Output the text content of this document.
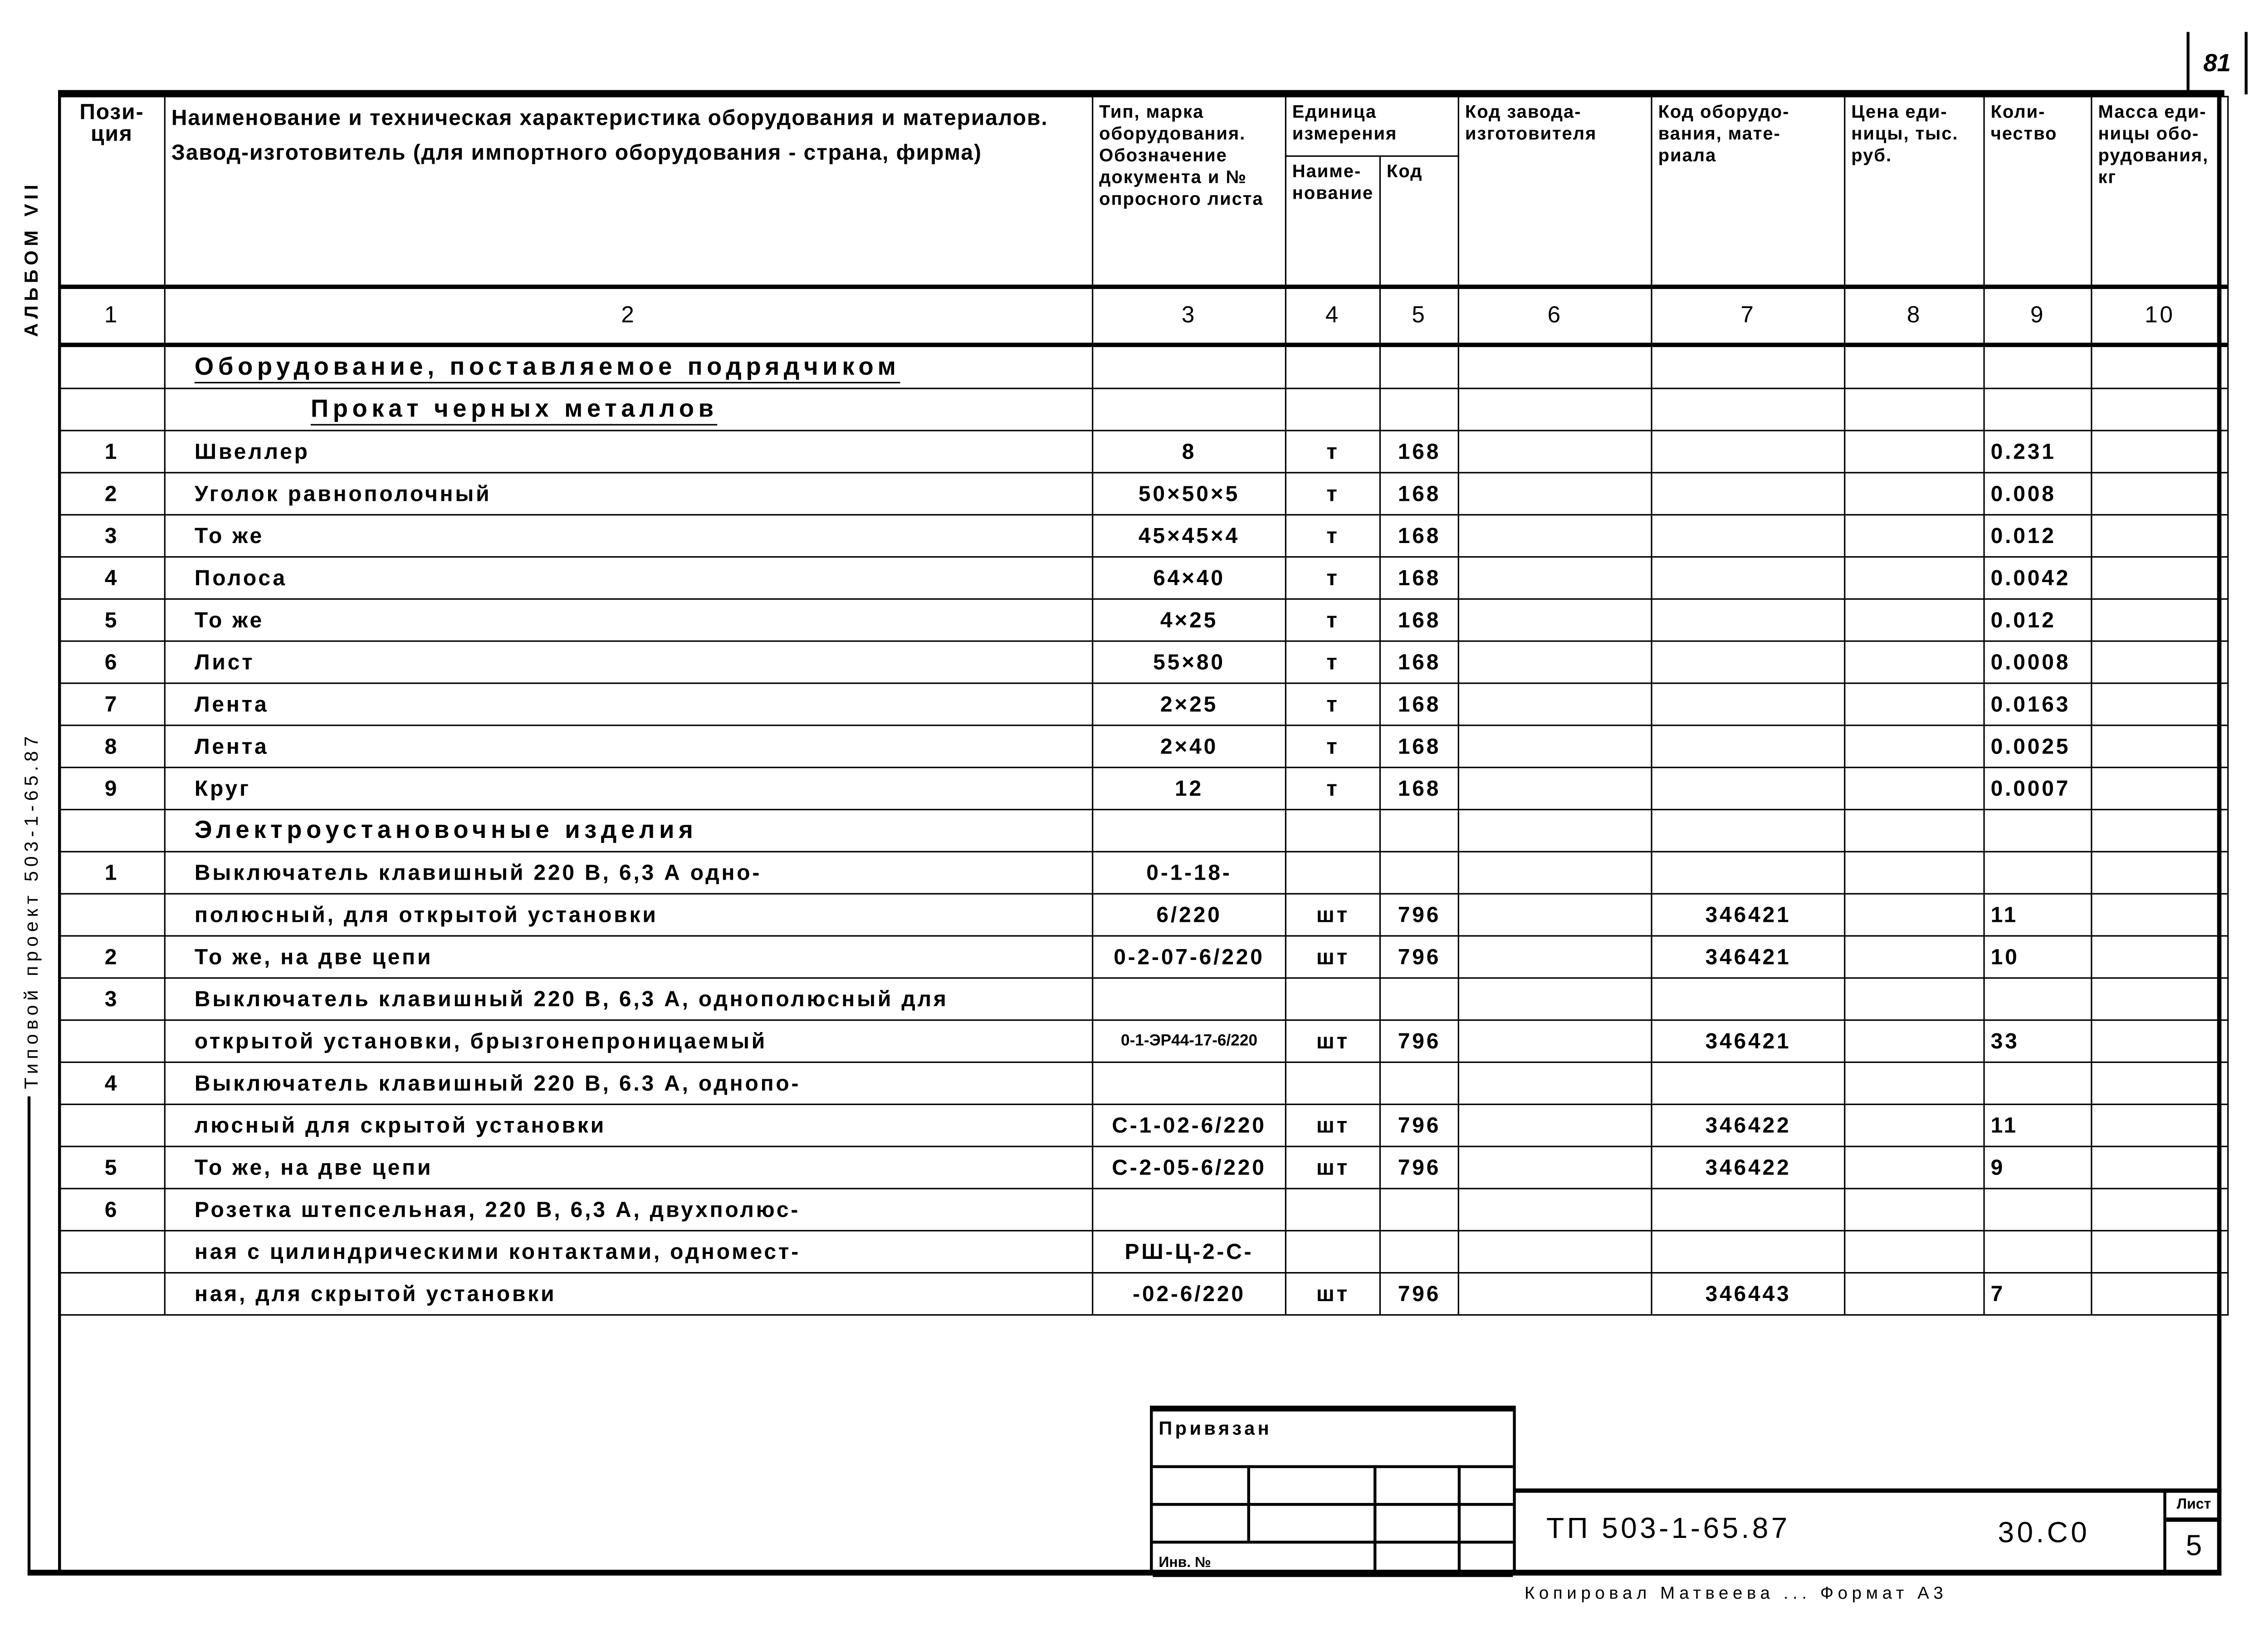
81
АЛЬБОМ VII
Типовой проект 503-1-65.87
Пози-ция	Наименование и техническая характеристика оборудования и материалов. Завод-изготовитель (для импортного оборудования - страна, фирма)	Тип, марка оборудования. Обозначение документа и № опросного листа	Единица измерения		Код завода-изготовителя	Код оборудо-вания, мате-риала	Цена еди-ницы, тыс. руб.	Коли-чество	Масса еди-ницы обо-рудования, кг
			Наиме-нование	Код					
1	2	3	4	5	6	7	8	9	10
	Оборудование, поставляемое подрядчиком								
	Прокат черных металлов								
1	Швеллер	8	т	168				0.231	
2	Уголок равнополочный	50×50×5	т	168				0.008	
3	То же	45×45×4	т	168				0.012	
4	Полоса	64×40	т	168				0.0042	
5	То же	4×25	т	168				0.012	
6	Лист	55×80	т	168				0.0008	
7	Лента	2×25	т	168				0.0163	
8	Лента	2×40	т	168				0.0025	
9	Круг	12	т	168				0.0007	
	Электроустановочные изделия								
1	Выключатель клавишный 220 В, 6,3 А одно-	0-1-18-							
	полюсный, для открытой установки	6/220	шт	796		346421		11	
2	То же, на две цепи	0-2-07-6/220	шт	796		346421		10	
3	Выключатель клавишный 220 В, 6,3 А, однополюсный для								
	открытой установки, брызгонепроницаемый	0-1-ЭР44-17-6/220	шт	796		346421		33	
4	Выключатель клавишный 220 В, 6.3 А, однопо-								
	люсный для скрытой установки	С-1-02-6/220	шт	796		346422		11	
5	То же, на две цепи	С-2-05-6/220	шт	796		346422		9	
6	Розетка штепсельная, 220 В, 6,3 А, двухполюс-								
	ная с цилиндрическими контактами, одномест-	РШ-Ц-2-С-							
	ная, для скрытой установки	-02-6/220	шт	796		346443		7	
Привязан
Инв. №
ТП 503-1-65.87	30.С0
Лист
5
Копировал Матвеева ... Формат А3
